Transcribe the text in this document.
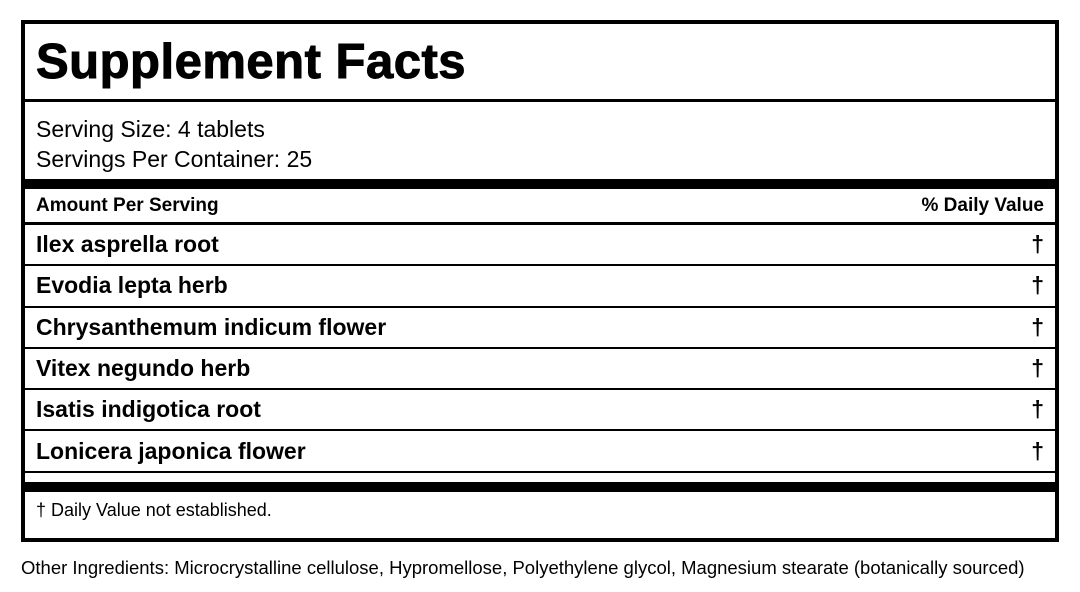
Supplement Facts
Serving Size: 4 tablets
Servings Per Container: 25
Amount Per Serving	% Daily Value
Ilex asprella root	†
Evodia lepta herb	†
Chrysanthemum indicum flower	†
Vitex negundo herb	†
Isatis indigotica root	†
Lonicera japonica flower	†
† Daily Value not established.
Other Ingredients: Microcrystalline cellulose, Hypromellose, Polyethylene glycol, Magnesium stearate (botanically sourced)
